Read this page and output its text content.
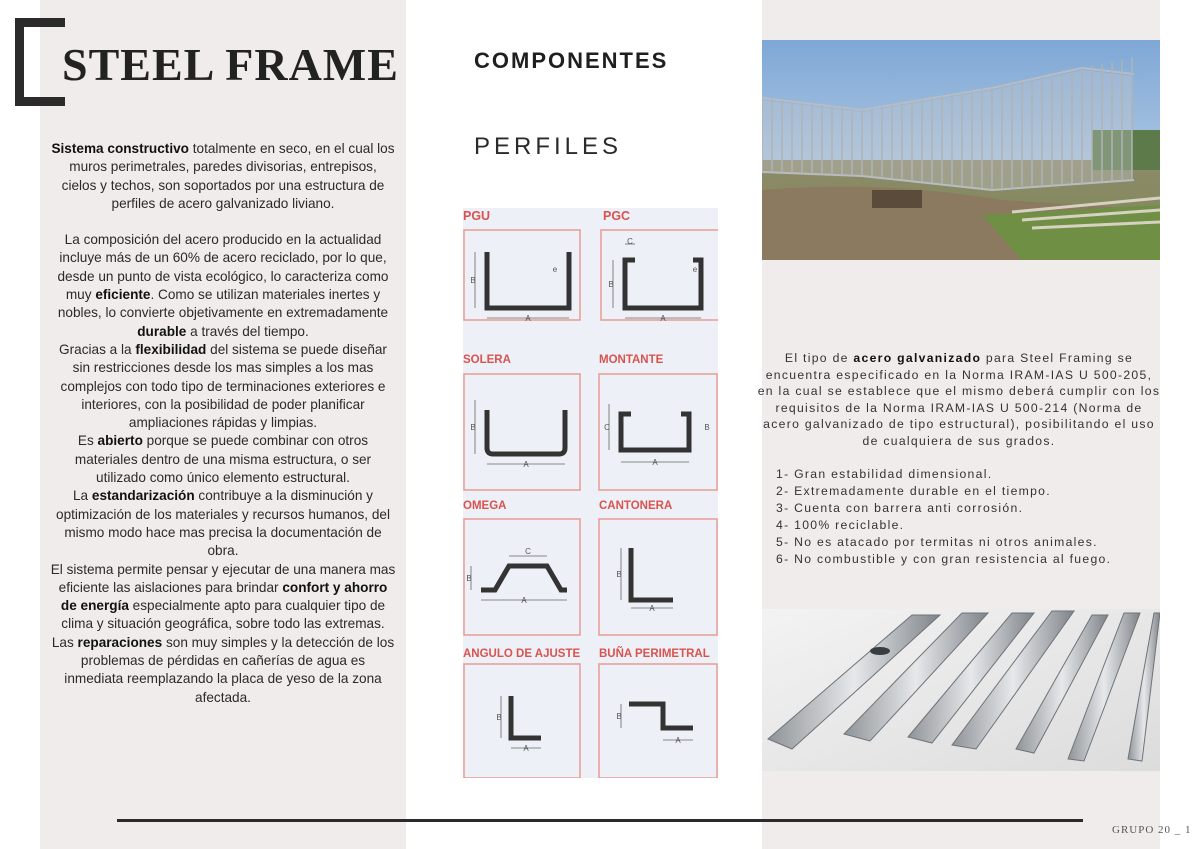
STEEL FRAME

Sistema constructivo totalmente en seco, en el cual los muros perimetrales, paredes divisorias, entrepisos, cielos y techos, son soportados por una estructura de perfiles de acero galvanizado liviano.

La composición del acero producido en la actualidad incluye más de un 60% de acero reciclado, por lo que, desde un punto de vista ecológico, lo caracteriza como muy eficiente. Como se utilizan materiales inertes y nobles, lo convierte objetivamente en extremadamente durable a través del tiempo.

Gracias a la flexibilidad del sistema se puede diseñar sin restricciones desde los mas simples a los mas complejos con todo tipo de terminaciones exteriores e interiores, con la posibilidad de poder planificar ampliaciones rápidas y limpias.

Es abierto porque se puede combinar con otros materiales dentro de una misma estructura, o ser utilizado como único elemento estructural.

La estandarización contribuye a la disminución y optimización de los materiales y recursos humanos, del mismo modo hace mas precisa la documentación de obra.

El sistema permite pensar y ejecutar de una manera mas eficiente las aislaciones para brindar confort y ahorro de energía especialmente apto para cualquier tipo de clima y situación geográfica, sobre todo las extremas.

Las reparaciones son muy simples y la detección de los problemas de pérdidas en cañerías de agua es inmediata reemplazando la placa de yeso de la zona afectada.

COMPONENTES
PERFILES
PGU	PGC
SOLERA	MONTANTE
OMEGA	CANTONERA
ANGULO DE AJUSTE BUÑA PERIMETRAL
A	A
A	A
A
A
A
A
B	B
B	C	B
B
C
C
B
B	B
e	e

El tipo de acero galvanizado para Steel Framing se encuentra especificado en la Norma IRAM-IAS U 500-205, en la cual se establece que el mismo deberá cumplir con los requisitos de la Norma IRAM-IAS U 500-214 (Norma de acero galvanizado de tipo estructural), posibilitando el uso de cualquiera de sus grados.

1- Gran estabilidad dimensional.
2- Extremadamente durable en el tiempo.
3- Cuenta con barrera anti corrosión.
4- 100% reciclable.
5- No es atacado por termitas ni otros animales.
6- No combustible y con gran resistencia al fuego.
GRUPO 20 _ 1
